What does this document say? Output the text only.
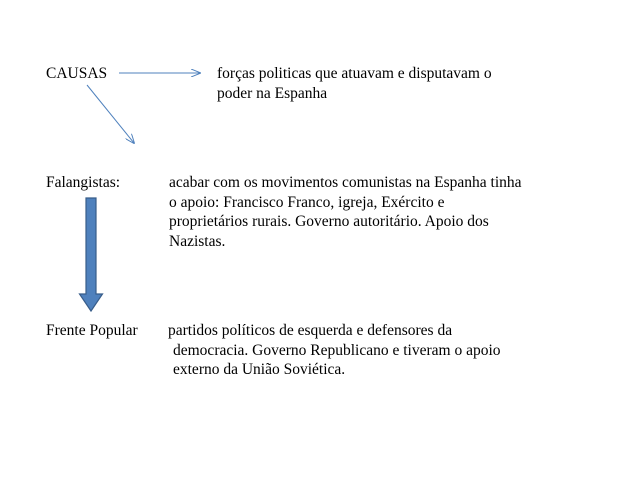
CAUSAS	forças politicas que atuavam e disputavam o
poder na Espanha
Falangistas:	acabar com os movimentos comunistas na Espanha tinha
o apoio: Francisco Franco, igreja, Exército e
proprietários rurais. Governo autoritário. Apoio dos
Nazistas.
Frente Popular partidos políticos de esquerda e defensores da
democracia. Governo Republicano e tiveram o apoio
externo da União Soviética.
